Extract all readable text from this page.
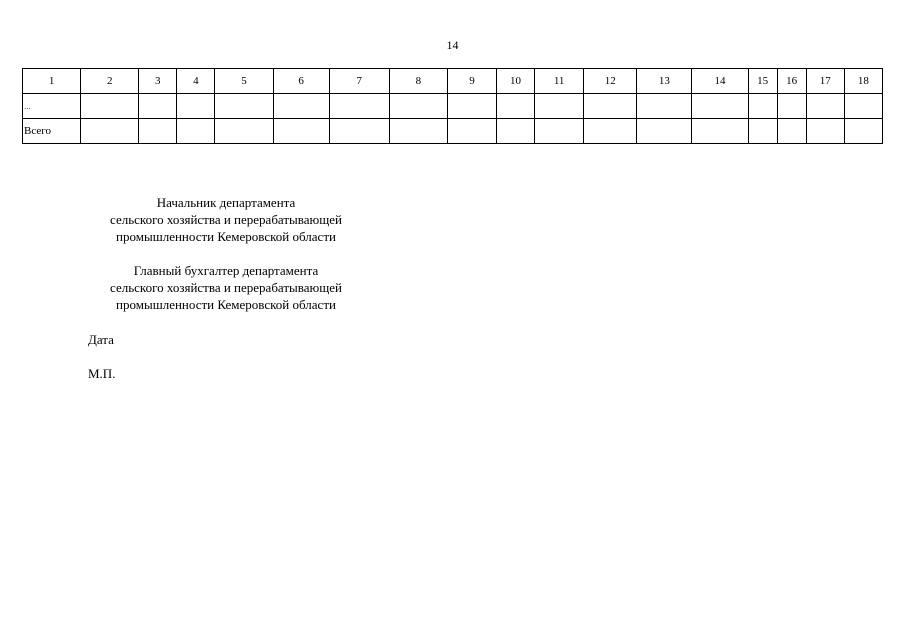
14
1	2	3	4	5	6	7	8	9	10	11	12	13	14	15	16	17	18
...																	
Всего																	
Начальник департамента
сельского хозяйства и перерабатывающей
промышленности Кемеровской области
Главный бухгалтер департамента
сельского хозяйства и перерабатывающей
промышленности Кемеровской области
Дата
М.П.
